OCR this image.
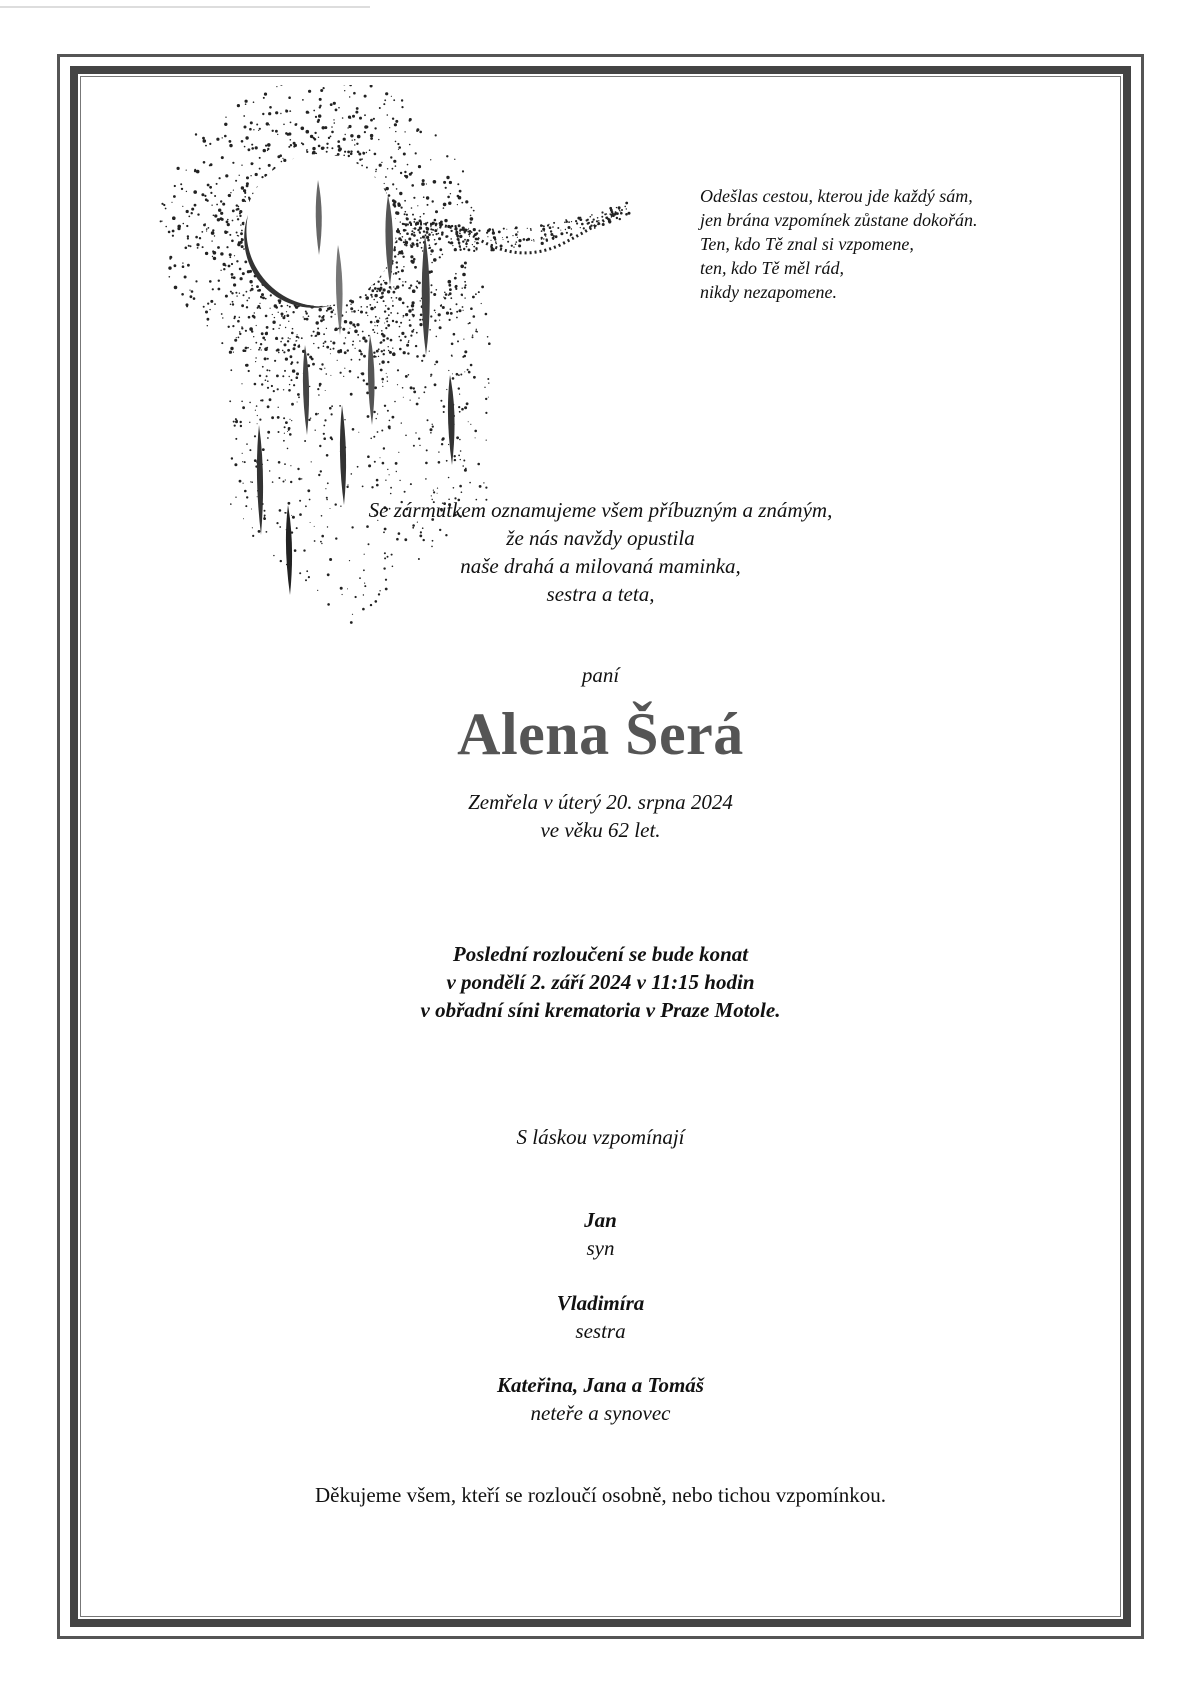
Odešlas cestou, kterou jde každý sám,
jen brána vzpomínek zůstane dokořán.
Ten, kdo Tě znal si vzpomene,
ten, kdo Tě měl rád,
nikdy nezapomene.
Se zármutkem oznamujeme všem příbuzným a známým,
že nás navždy opustila
naše drahá a milovaná maminka,
sestra a teta,
paní
Alena Šerá
Zemřela v úterý 20. srpna 2024
ve věku 62 let.
Poslední rozloučení se bude konat
v pondělí 2. září 2024 v 11:15 hodin
v obřadní síni krematoria v Praze Motole.
S láskou vzpomínají
Jan
syn
Vladimíra
sestra
Kateřina, Jana a Tomáš
neteře a synovec
Děkujeme všem, kteří se rozloučí osobně, nebo tichou vzpomínkou.
